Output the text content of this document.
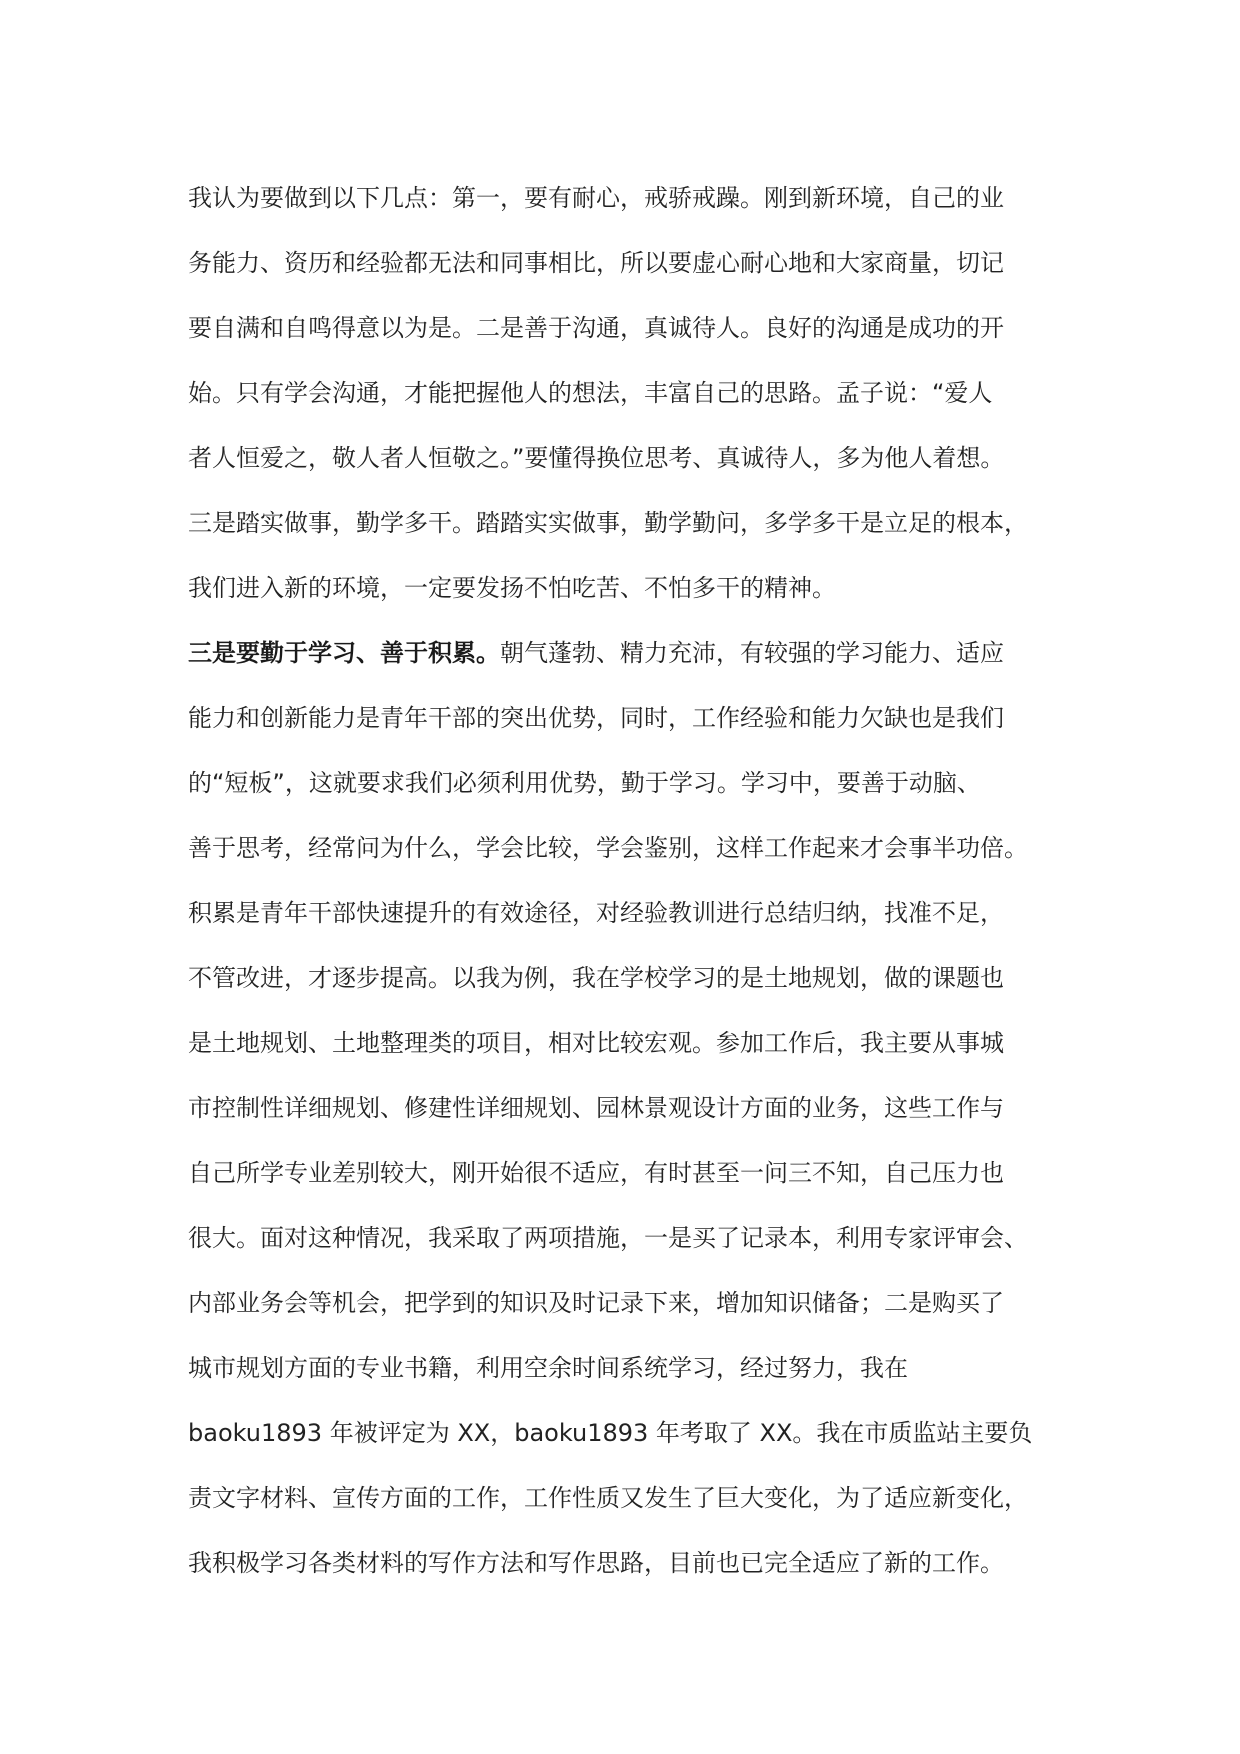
我认为要做到以下几点：第一，要有耐心，戒骄戒躁。刚到新环境，自己的业
务能力、资历和经验都无法和同事相比，所以要虚心耐心地和大家商量，切记
要自满和自鸣得意以为是。二是善于沟通，真诚待人。良好的沟通是成功的开
始。只有学会沟通，才能把握他人的想法，丰富自己的思路。孟子说：“爱人
者人恒爱之，敬人者人恒敬之。”要懂得换位思考、真诚待人，多为他人着想。
三是踏实做事，勤学多干。踏踏实实做事，勤学勤问，多学多干是立足的根本，
我们进入新的环境，一定要发扬不怕吃苦、不怕多干的精神。
三是要勤于学习、善于积累。朝气蓬勃、精力充沛，有较强的学习能力、适应
能力和创新能力是青年干部的突出优势，同时，工作经验和能力欠缺也是我们
的“短板”，这就要求我们必须利用优势，勤于学习。学习中，要善于动脑、
善于思考，经常问为什么，学会比较，学会鉴别，这样工作起来才会事半功倍。
积累是青年干部快速提升的有效途径，对经验教训进行总结归纳，找准不足，
不管改进，才逐步提高。以我为例，我在学校学习的是土地规划，做的课题也
是土地规划、土地整理类的项目，相对比较宏观。参加工作后，我主要从事城
市控制性详细规划、修建性详细规划、园林景观设计方面的业务，这些工作与
自己所学专业差别较大，刚开始很不适应，有时甚至一问三不知，自己压力也
很大。面对这种情况，我采取了两项措施，一是买了记录本，利用专家评审会、
内部业务会等机会，把学到的知识及时记录下来，增加知识储备；二是购买了
城市规划方面的专业书籍，利用空余时间系统学习，经过努力，我在
baoku1893 年被评定为 XX，baoku1893 年考取了 XX。我在市质监站主要负
责文字材料、宣传方面的工作，工作性质又发生了巨大变化，为了适应新变化，
我积极学习各类材料的写作方法和写作思路，目前也已完全适应了新的工作。
